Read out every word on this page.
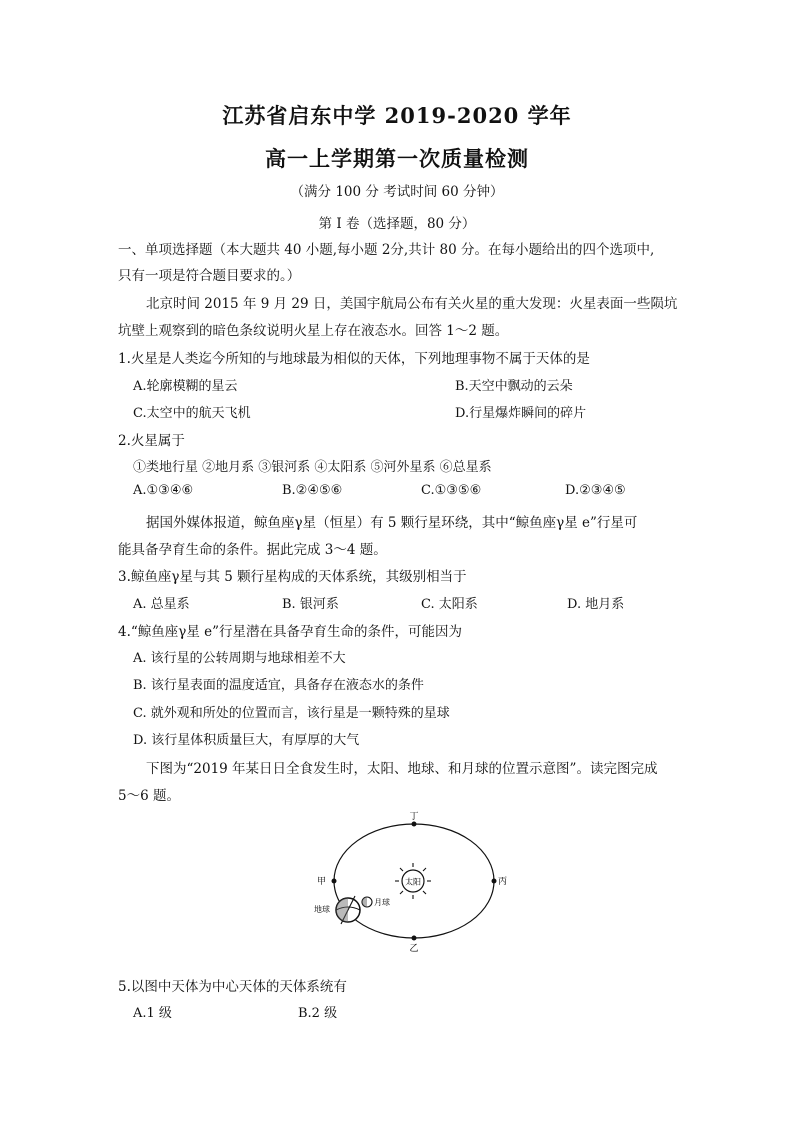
江苏省启东中学 2019-2020 学年
高一上学期第一次质量检测
（满分 100 分 考试时间 60 分钟）
第 I 卷（选择题，80 分）
一、单项选择题（本大题共 40 小题,每小题 2分,共计 80 分。在每小题给出的四个选项中,
只有一项是符合题目要求的。）
北京时间 2015 年 9 月 29 日，美国宇航局公布有关火星的重大发现：火星表面一些陨坑
坑壁上观察到的暗色条纹说明火星上存在液态水。回答 1～2 题。
1.火星是人类迄今所知的与地球最为相似的天体，下列地理事物不属于天体的是
A.轮廓模糊的星云	B.天空中飘动的云朵
C.太空中的航天飞机	D.行星爆炸瞬间的碎片
2.火星属于
①类地行星 ②地月系 ③银河系 ④太阳系 ⑤河外星系 ⑥总星系
A.①③④⑥	B.②④⑤⑥	C.①③⑤⑥	D.②③④⑤
据国外媒体报道，鲸鱼座γ星（恒星）有 5 颗行星环绕，其中“鲸鱼座γ星 e”行星可
能具备孕育生命的条件。据此完成 3～4 题。
3.鲸鱼座γ星与其 5 颗行星构成的天体系统，其级别相当于
A. 总星系	B. 银河系	C. 太阳系	D. 地月系
4.“鲸鱼座γ星 e”行星潜在具备孕育生命的条件，可能因为
A. 该行星的公转周期与地球相差不大
B. 该行星表面的温度适宜，具备存在液态水的条件
C. 就外观和所处的位置而言，该行星是一颗特殊的星球
D. 该行星体积质量巨大，有厚厚的大气
下图为“2019 年某日日全食发生时，太阳、地球、和月球的位置示意图”。读完图完成
5～6 题。
太阳
丁
乙
甲	丙
地球
月球
5.以图中天体为中心天体的天体系统有
A.1 级	B.2 级
